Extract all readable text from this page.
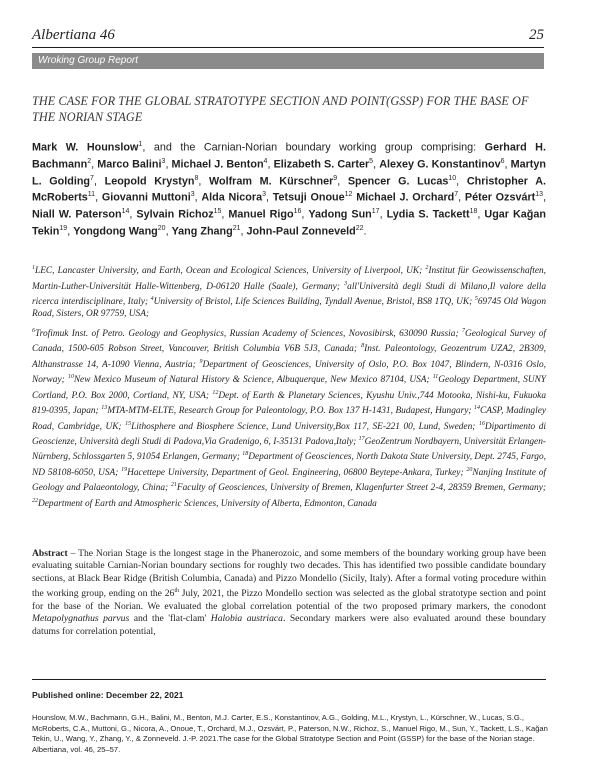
Albertiana 46	25
Wroking Group Report
THE CASE FOR THE GLOBAL STRATOTYPE SECTION AND POINT(GSSP) FOR THE BASE OF THE NORIAN STAGE
Mark W. Hounslow$^1$, and the Carnian-Norian boundary working group comprising: Gerhard H. Bachmann$^2$, Marco Balini$^3$, Michael J. Benton$^4$, Elizabeth S. Carter$^5$, Alexey G. Konstantinov$^6$, Martyn L. Golding$^7$, Leopold Krystyn$^8$, Wolfram M. Kürschner$^9$, Spencer G. Lucas$^{10}$, Christopher A. McRoberts$^{11}$, Giovanni Muttoni$^3$, Alda Nicora$^3$, Tetsuji Onoue$^{12}$ Michael J. Orchard$^7$, Péter Ozsvárt$^{13}$, Niall W. Paterson$^{14}$, Sylvain Richoz$^{15}$, Manuel Rigo$^{16}$, Yadong Sun$^{17}$, Lydia S. Tackett$^{18}$, Ugar Kağan Tekin$^{19}$, Yongdong Wang$^{20}$, Yang Zhang$^{21}$, John-Paul Zonneveld$^{22}$.
$^1$LEC, Lancaster University, and Earth, Ocean and Ecological Sciences, University of Liverpool, UK; $^2$Institut für Geowissenschaften, Martin-Luther-Universität Halle-Wittenberg, D-06120 Halle (Saale), Germany; $^3$all'Università degli Studi di Milano,Il valore della ricerca interdisciplinare, Italy; $^4$University of Bristol, Life Sciences Building, Tyndall Avenue, Bristol, BS8 1TQ, UK; $^5$69745 Old Wagon Road, Sisters, OR 97759, USA;
$^6$Trofimuk Inst. of Petro. Geology and Geophysics, Russian Academy of Sciences, Novosibirsk, 630090 Russia; $^7$Geological Survey of Canada, 1500-605 Robson Street, Vancouver, British Columbia V6B 5J3, Canada; $^8$Inst. Paleontology, Geozentrum UZA2, 2B309, Althanstrasse 14, A-1090 Vienna, Austria; $^9$Department of Geosciences, University of Oslo, P.O. Box 1047, Blindern, N-0316 Oslo, Norway; $^{10}$New Mexico Museum of Natural History & Science, Albuquerque, New Mexico 87104, USA; $^{11}$Geology Department, SUNY Cortland, P.O. Box 2000, Cortland, NY, USA; $^{12}$Dept. of Earth & Planetary Sciences, Kyushu Univ.,744 Motooka, Nishi-ku, Fukuoka 819-0395, Japan; $^{13}$MTA-MTM-ELTE, Research Group for Paleontology, P.O. Box 137 H-1431, Budapest, Hungary; $^{14}$CASP, Madingley Road, Cambridge, UK; $^{15}$Lithosphere and Biosphere Science, Lund University,Box 117, SE-221 00, Lund, Sweden; $^{16}$Dipartimento di Geoscienze, Università degli Studi di Padova,Via Gradenigo, 6, I-35131 Padova,Italy; $^{17}$GeoZentrum Nordbayern, Universität Erlangen-Nürnberg, Schlossgarten 5, 91054 Erlangen, Germany; $^{18}$Department of Geosciences, North Dakota State University, Dept. 2745, Fargo, ND 58108-6050, USA; $^{19}$Hacettepe University, Department of Geol. Engineering, 06800 Beytepe-Ankara, Turkey; $^{20}$Nanjing Institute of Geology and Palaeontology, China; $^{21}$Faculty of Geosciences, University of Bremen, Klagenfurter Street 2-4, 28359 Bremen, Germany; $^{22}$Department of Earth and Atmospheric Sciences, University of Alberta, Edmonton, Canada
Abstract – The Norian Stage is the longest stage in the Phanerozoic, and some members of the boundary working group have been evaluating suitable Carnian-Norian boundary sections for roughly two decades. This has identified two possible candidate boundary sections, at Black Bear Ridge (British Columbia, Canada) and Pizzo Mondello (Sicily, Italy). After a formal voting procedure within the working group, ending on the 26th July, 2021, the Pizzo Mondello section was selected as the global stratotype section and point for the base of the Norian. We evaluated the global correlation potential of the two proposed primary markers, the conodont Metapolygnathus parvus and the 'flat-clam' Halobia austriaca. Secondary markers were also evaluated around these boundary datums for correlation potential,
Published online: December 22, 2021
Hounslow, M.W., Bachmann, G.H., Balini, M., Benton, M.J. Carter, E.S., Konstantinov, A.G., Golding, M.L., Krystyn, L., Kürschner, W., Lucas, S.G., McRoberts, C.A., Muttoni, G., Nicora, A., Onoue, T., Orchard, M.J., Ozsvárt, P., Paterson, N.W., Richoz, S., Manuel Rigo, M., Sun, Y., Tackett, L.S., Kağan Tekin, U., Wang, Y., Zhang, Y., & Zonneveld. J.-P. 2021.The case for the Global Stratotype Section and Point (GSSP) for the base of the Norian stage. Albertiana, vol. 46, 25–57.
